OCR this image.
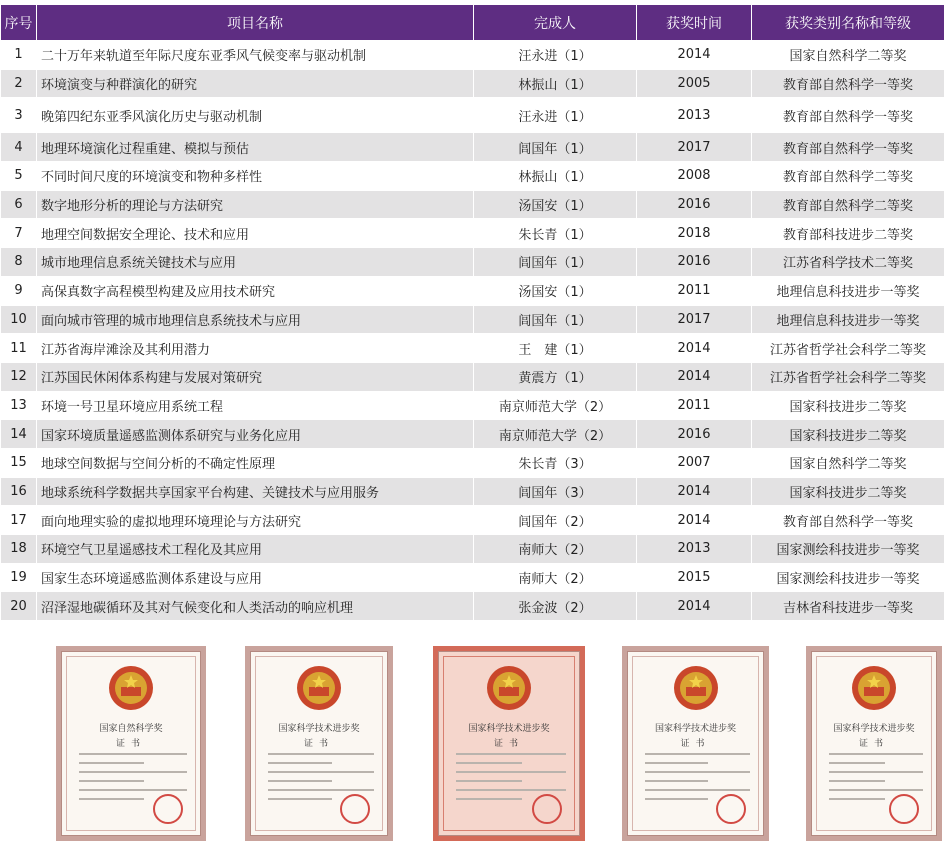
序号	项目名称	完成人	获奖时间	获奖类别名称和等级
1	二十万年来轨道至年际尺度东亚季风气候变率与驱动机制	汪永进（1）	2014	国家自然科学二等奖
2	环境演变与种群演化的研究	林振山（1）	2005	教育部自然科学一等奖
3	晚第四纪东亚季风演化历史与驱动机制	汪永进（1）	2013	教育部自然科学一等奖
4	地理环境演化过程重建、模拟与预估	闾国年（1）	2017	教育部自然科学一等奖
5	不同时间尺度的环境演变和物种多样性	林振山（1）	2008	教育部自然科学二等奖
6	数字地形分析的理论与方法研究	汤国安（1）	2016	教育部自然科学二等奖
7	地理空间数据安全理论、技术和应用	朱长青（1）	2018	教育部科技进步二等奖
8	城市地理信息系统关键技术与应用	闾国年（1）	2016	江苏省科学技术二等奖
9	高保真数字高程模型构建及应用技术研究	汤国安（1）	2011	地理信息科技进步一等奖
10	面向城市管理的城市地理信息系统技术与应用	闾国年（1）	2017	地理信息科技进步一等奖
11	江苏省海岸滩涂及其利用潜力	王　建（1）	2014	江苏省哲学社会科学二等奖
12	江苏国民休闲体系构建与发展对策研究	黄震方（1）	2014	江苏省哲学社会科学二等奖
13	环境一号卫星环境应用系统工程	南京师范大学（2）	2011	国家科技进步二等奖
14	国家环境质量遥感监测体系研究与业务化应用	南京师范大学（2）	2016	国家科技进步二等奖
15	地球空间数据与空间分析的不确定性原理	朱长青（3）	2007	国家自然科学二等奖
16	地球系统科学数据共享国家平台构建、关键技术与应用服务	闾国年（3）	2014	国家科技进步二等奖
17	面向地理实验的虚拟地理环境理论与方法研究	闾国年（2）	2014	教育部自然科学一等奖
18	环境空气卫星遥感技术工程化及其应用	南师大（2）	2013	国家测绘科技进步一等奖
19	国家生态环境遥感监测体系建设与应用	南师大（2）	2015	国家测绘科技进步一等奖
20	沼泽湿地碳循环及其对气候变化和人类活动的响应机理	张金波（2）	2014	吉林省科技进步一等奖
国家自然科学奖
证书
国家科学技术进步奖
证书
国家科学技术进步奖
证书
国家科学技术进步奖
证书
国家科学技术进步奖
证书
